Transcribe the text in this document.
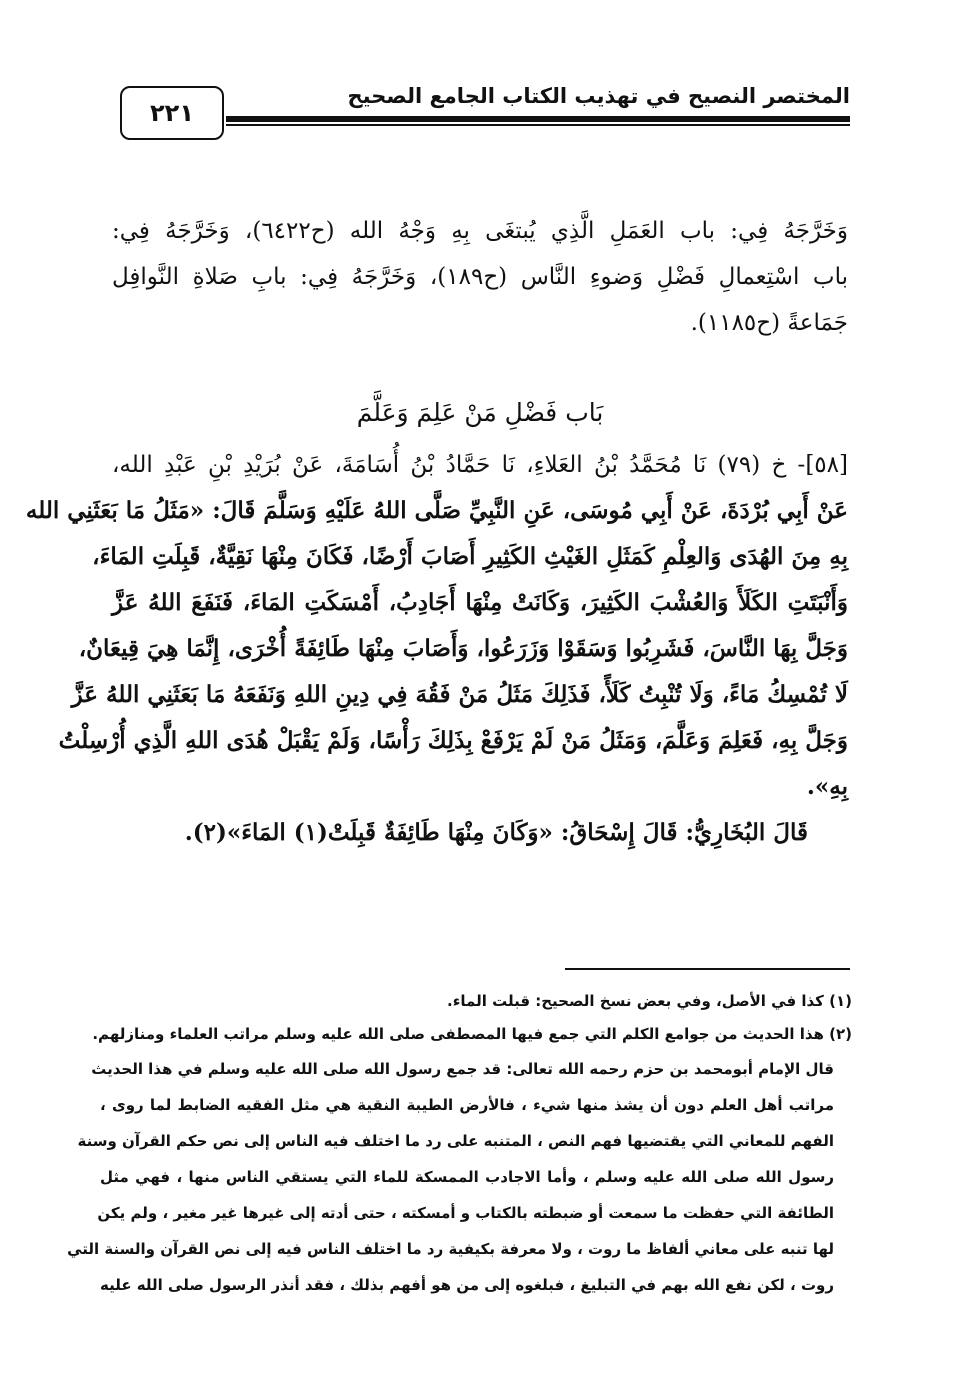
المختصر النصيح في تهذيب الكتاب الجامع الصحيح
٢٢١
وَخَرَّجَهُ فِي: باب العَمَلِ الَّذِي يُبتغَى بِهِ وَجْهُ الله (ح٦٤٢٢)، وَخَرَّجَهُ فِي:
باب اسْتِعمالِ فَضْلِ وَضوءِ النَّاس (ح١٨٩)، وَخَرَّجَهُ فِي: بابِ صَلاةِ النَّوافِل
جَمَاعةً (ح١١٨٥).
بَاب فَضْلِ مَنْ عَلِمَ وَعَلَّمَ
[٥٨]- خ (٧٩) نَا مُحَمَّدُ بْنُ العَلاءِ، نَا حَمَّادُ بْنُ أُسَامَةَ، عَنْ بُرَيْدِ بْنِ عَبْدِ الله،
عَنْ أَبِي بُرْدَةَ، عَنْ أَبِي مُوسَى، عَنِ النَّبِيِّ صَلَّى اللهُ عَلَيْهِ وَسَلَّمَ قَالَ: «مَثَلُ مَا بَعَثَنِي الله
بِهِ مِنَ الهُدَى وَالعِلْمِ كَمَثَلِ الغَيْثِ الكَثِيرِ أَصَابَ أَرْضًا، فَكَانَ مِنْهَا نَقِيَّةٌ، قَبِلَتِ المَاءَ،
وَأَنْبَتَتِ الكَلَأَ وَالعُشْبَ الكَثِيرَ، وَكَانَتْ مِنْهَا أَجَادِبُ، أَمْسَكَتِ المَاءَ، فَنَفَعَ اللهُ عَزَّ
وَجَلَّ بِهَا النَّاسَ، فَشَرِبُوا وَسَقَوْا وَزَرَعُوا، وَأَصَابَ مِنْهَا طَائِفَةً أُخْرَى، إِنَّمَا هِيَ قِيعَانٌ،
لَا تُمْسِكُ مَاءً، وَلَا تُنْبِتُ كَلَأً، فَذَلِكَ مَثَلُ مَنْ فَقُهَ فِي دِينِ اللهِ وَنَفَعَهُ مَا بَعَثَنِي اللهُ عَزَّ
وَجَلَّ بِهِ، فَعَلِمَ وَعَلَّمَ، وَمَثَلُ مَنْ لَمْ يَرْفَعْ بِذَلِكَ رَأْسًا، وَلَمْ يَقْبَلْ هُدَى اللهِ الَّذِي أُرْسِلْتُ
بِهِ».
قَالَ البُخَارِيُّ: قَالَ إِسْحَاقُ: «وَكَانَ مِنْهَا طَائِفَةٌ قَبِلَتْ(١) المَاءَ»(٢).
(١) كذا في الأصل، وفي بعض نسخ الصحيح: قبلت الماء.
(٢) هذا الحديث من جوامع الكلم التي جمع فيها المصطفى صلى الله عليه وسلم مراتب العلماء ومنازلهم.
قال الإمام أبومحمد بن حزم رحمه الله تعالى: قد جمع رسول الله صلى الله عليه وسلم في هذا الحديث
مراتب أهل العلم دون أن يشذ منها شيء ، فالأرض الطيبة النقية هي مثل الفقيه الضابط لما روى ،
الفهم للمعاني التي يقتضيها فهم النص ، المتنبه على رد ما اختلف فيه الناس إلى نص حكم القرآن وسنة
رسول الله صلى الله عليه وسلم ، وأما الاجادب الممسكة للماء التي يستقي الناس منها ، فهي مثل
الطائفة التي حفظت ما سمعت أو ضبطته بالكتاب و أمسكته ، حتى أدته إلى غيرها غير مغير ، ولم يكن
لها تنبه على معاني ألفاظ ما روت ، ولا معرفة بكيفية رد ما اختلف الناس فيه إلى نص القرآن والسنة التي
روت ، لكن نفع الله بهم في التبليغ ، فبلغوه إلى من هو أفهم بذلك ، فقد أنذر الرسول صلى الله عليه
